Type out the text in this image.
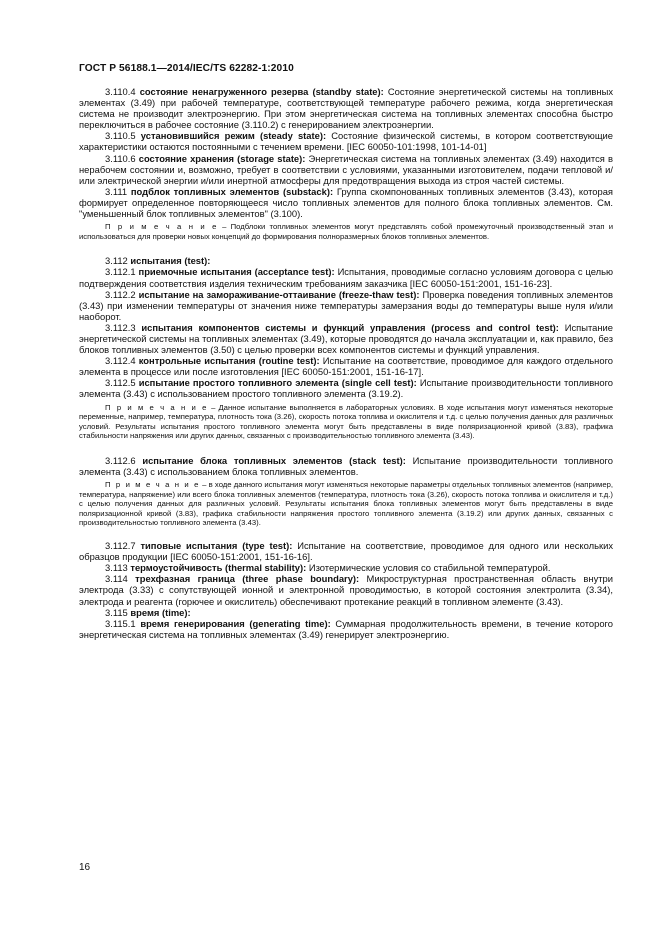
ГОСТ Р 56188.1—2014/IEC/TS 62282-1:2010

3.110.4 состояние ненагруженного резерва (standby state): Состояние энергетической системы на топливных элементах (3.49) при рабочей температуре, соответствующей температуре рабочего режима, когда энергетическая система не производит электроэнергию. При этом энергетическая система на топливных элементах способна быстро переключиться в рабочее состояние (3.110.2) с генерированием электроэнергии.

3.110.5 установившийся режим (steady state): Состояние физической системы, в котором соответствующие характеристики остаются постоянными с течением времени. [IEC 60050-101:1998, 101-14-01]

3.110.6 состояние хранения (storage state): Энергетическая система на топливных элементах (3.49) находится в нерабочем состоянии и, возможно, требует в соответствии с условиями, указанными изготовителем, подачи тепловой и/или электрической энергии и/или инертной атмосферы для предотвращения выхода из строя частей системы.

3.111 подблок топливных элементов (substack): Группа скомпонованных топливных элементов (3.43), которая формирует определенное повторяющееся число топливных элементов для полного блока топливных элементов. См. "уменьшенный блок топливных элементов" (3.100).

П р и м е ч а н и е – Подблоки топливных элементов могут представлять собой промежуточный производственный этап и использоваться для проверки новых концепций до формирования полноразмерных блоков топливных элементов.

3.112 испытания (test):

3.112.1 приемочные испытания (acceptance test): Испытания, проводимые согласно условиям договора с целью подтверждения соответствия изделия техническим требованиям заказчика [IEC 60050-151:2001, 151-16-23].

3.112.2 испытание на замораживание-оттаивание (freeze-thaw test): Проверка поведения топливных элементов (3.43) при изменении температуры от значения ниже температуры замерзания воды до температуры выше нуля и/или наоборот.

3.112.3 испытания компонентов системы и функций управления (process and control test): Испытание энергетической системы на топливных элементах (3.49), которые проводятся до начала эксплуатации и, как правило, без блоков топливных элементов (3.50) с целью проверки всех компонентов системы и функций управления.

3.112.4 контрольные испытания (routine test): Испытание на соответствие, проводимое для каждого отдельного элемента в процессе или после изготовления [IEC 60050-151:2001, 151-16-17].

3.112.5 испытание простого топливного элемента (single cell test): Испытание производительности топливного элемента (3.43) с использованием простого топливного элемента (3.19.2).

П р и м е ч а н и е – Данное испытание выполняется в лабораторных условиях. В ходе испытания могут изменяться некоторые переменные, например, температура, плотность тока (3.26), скорость потока топлива и окислителя и т.д. с целью получения данных для различных условий. Результаты испытания простого топливного элемента могут быть представлены в виде поляризационной кривой (3.83), графика стабильности напряжения или других данных, связанных с производительностью топливного элемента (3.43).

3.112.6 испытание блока топливных элементов (stack test): Испытание производительности топливного элемента (3.43) с использованием блока топливных элементов.

П р и м е ч а н и е – в ходе данного испытания могут изменяться некоторые параметры отдельных топливных элементов (например, температура, напряжение) или всего блока топливных элементов (температура, плотность тока (3.26), скорость потока топлива и окислителя и т.д.) с целью получения данных для различных условий. Результаты испытания блока топливных элементов могут быть представлены в виде поляризационной кривой (3.83), графика стабильности напряжения простого топливного элемента (3.19.2) или других данных, связанных с производительностью топливного элемента (3.43).

3.112.7 типовые испытания (type test): Испытание на соответствие, проводимое для одного или нескольких образцов продукции [IEC 60050-151:2001, 151-16-16].

3.113 термоустойчивость (thermal stability): Изотермические условия со стабильной температурой.

3.114 трехфазная граница (three phase boundary): Микроструктурная пространственная область внутри электрода (3.33) с сопутствующей ионной и электронной проводимостью, в которой состояния электролита (3.34), электрода и реагента (горючее и окислитель) обеспечивают протекание реакций в топливном элементе (3.43).

3.115 время (time):

3.115.1 время генерирования (generating time): Суммарная продолжительность времени, в течение которого энергетическая система на топливных элементах (3.49) генерирует электроэнергию.

16
